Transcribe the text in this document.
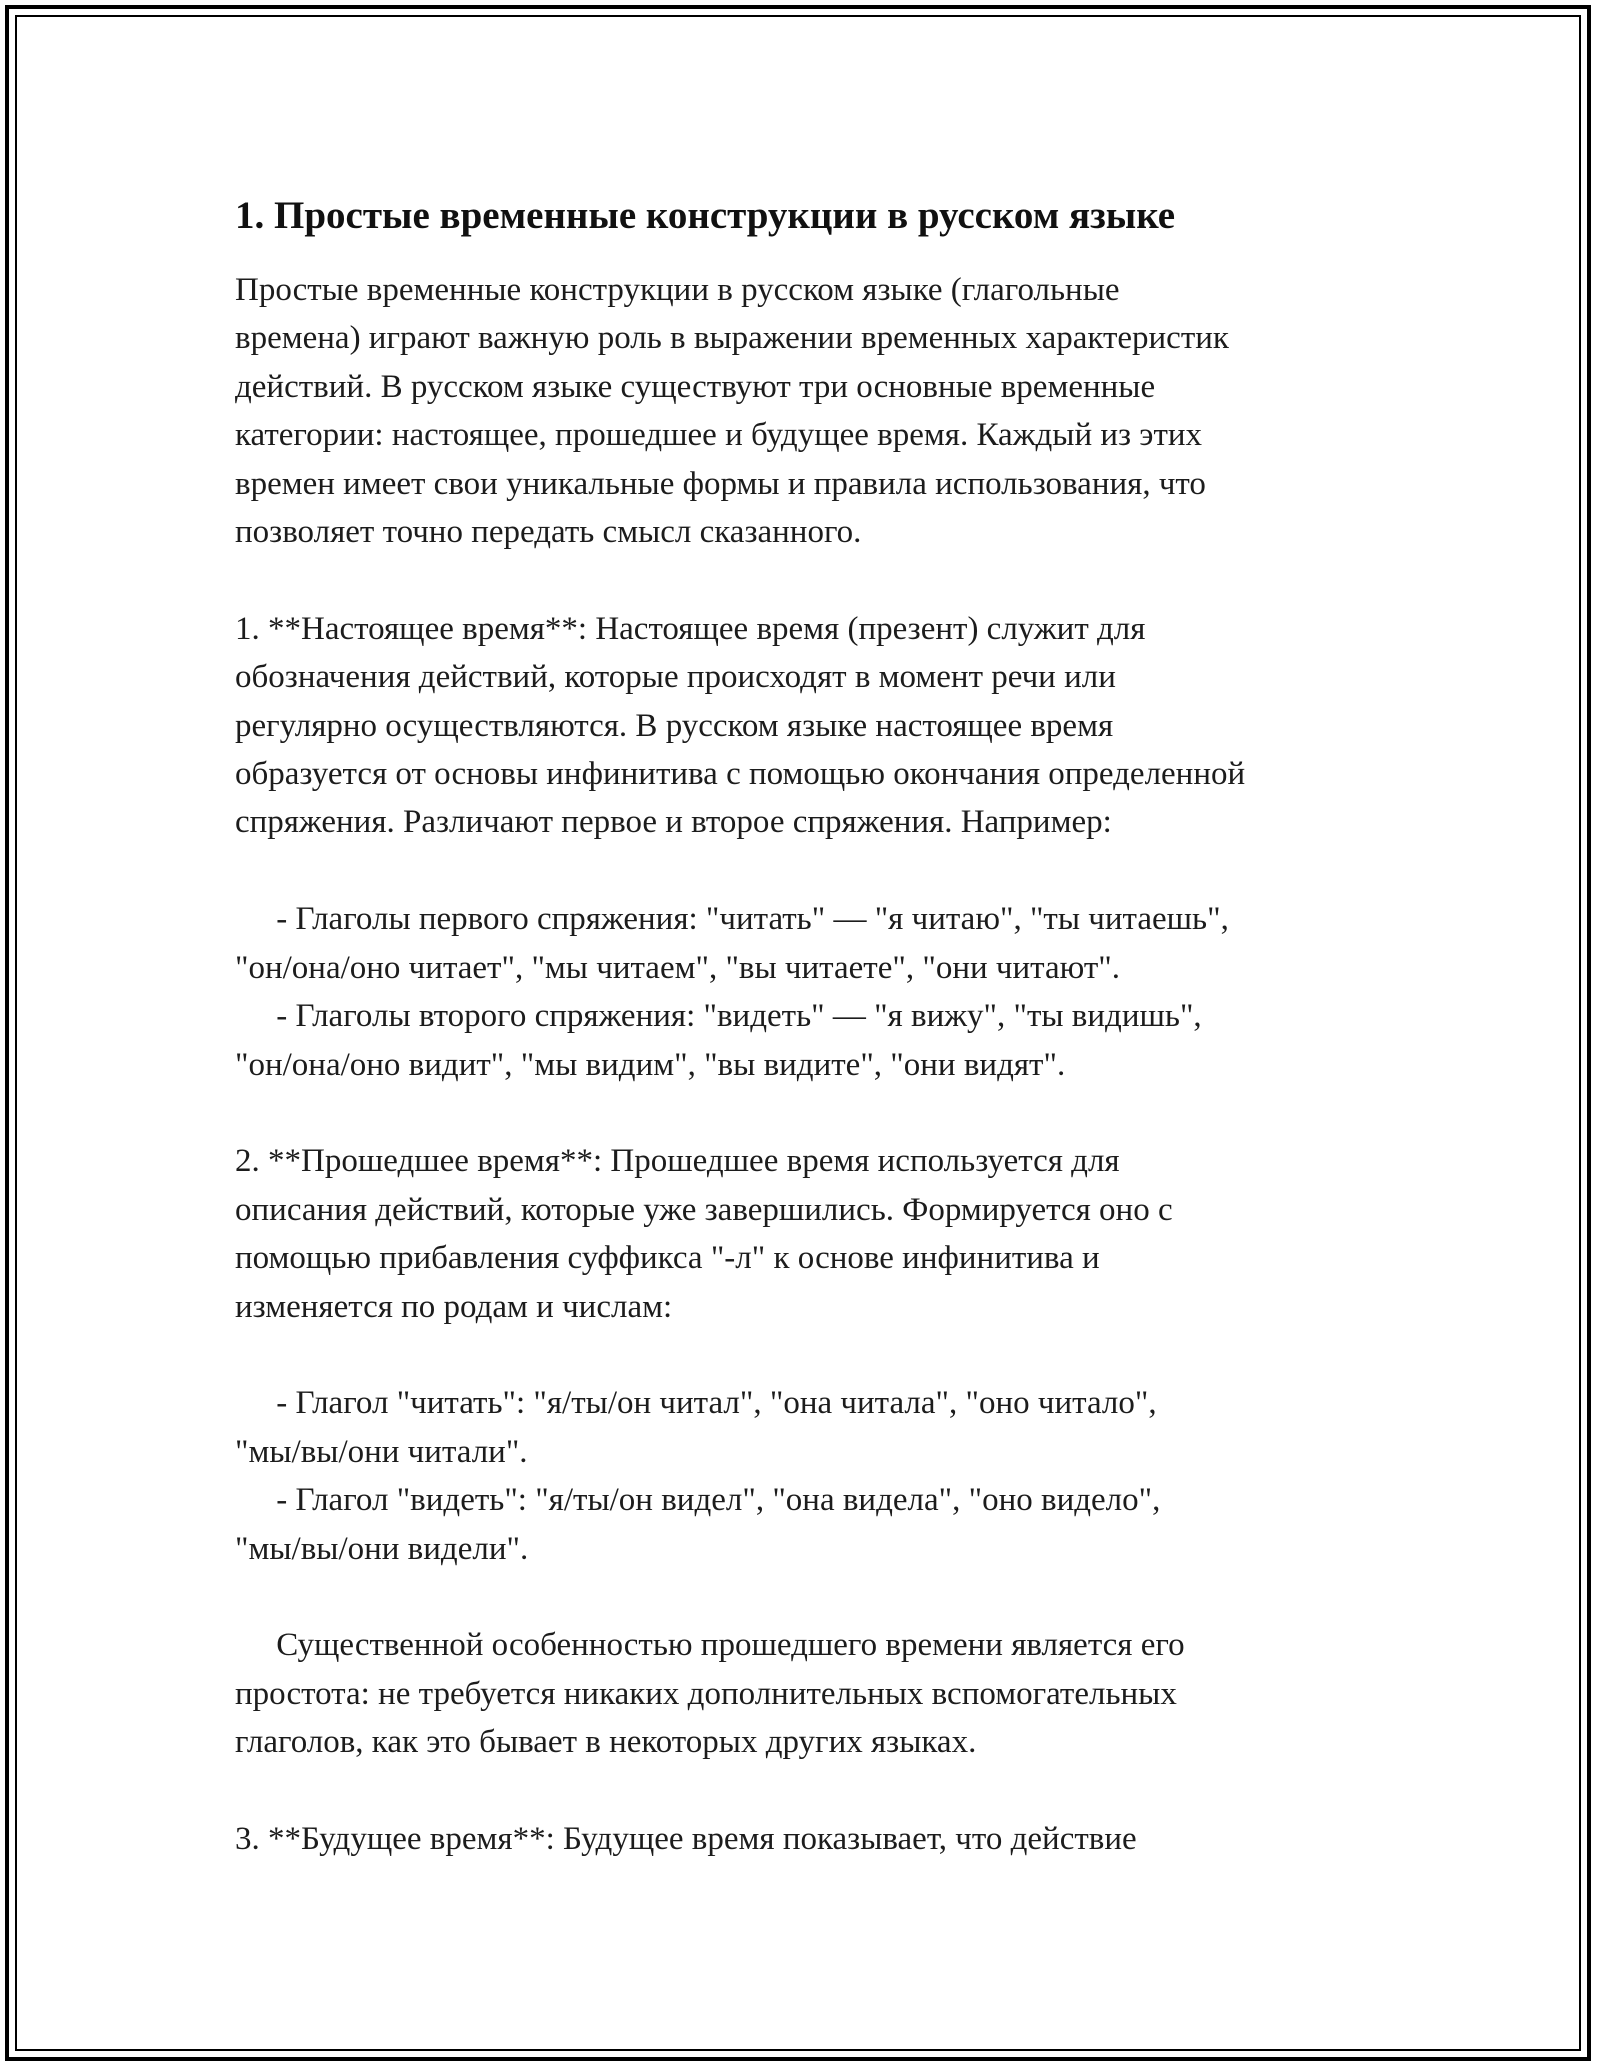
1. Простые временные конструкции в русском языке

Простые временные конструкции в русском языке (глагольные
времена) играют важную роль в выражении временных характеристик
действий. В русском языке существуют три основные временные
категории: настоящее, прошедшее и будущее время. Каждый из этих
времен имеет свои уникальные формы и правила использования, что
позволяет точно передать смысл сказанного.

1. **Настоящее время**: Настоящее время (презент) служит для
обозначения действий, которые происходят в момент речи или
регулярно осуществляются. В русском языке настоящее время
образуется от основы инфинитива с помощью окончания определенной
спряжения. Различают первое и второе спряжения. Например:

- Глаголы первого спряжения: "читать" — "я читаю", "ты читаешь",
"он/она/оно читает", "мы читаем", "вы читаете", "они читают".
- Глаголы второго спряжения: "видеть" — "я вижу", "ты видишь",
"он/она/оно видит", "мы видим", "вы видите", "они видят".

2. **Прошедшее время**: Прошедшее время используется для
описания действий, которые уже завершились. Формируется оно с
помощью прибавления суффикса "-л" к основе инфинитива и
изменяется по родам и числам:

- Глагол "читать": "я/ты/он читал", "она читала", "оно читало",
"мы/вы/они читали".
- Глагол "видеть": "я/ты/он видел", "она видела", "оно видело",
"мы/вы/они видели".

Существенной особенностью прошедшего времени является его
простота: не требуется никаких дополнительных вспомогательных
глаголов, как это бывает в некоторых других языках.

3. **Будущее время**: Будущее время показывает, что действие
